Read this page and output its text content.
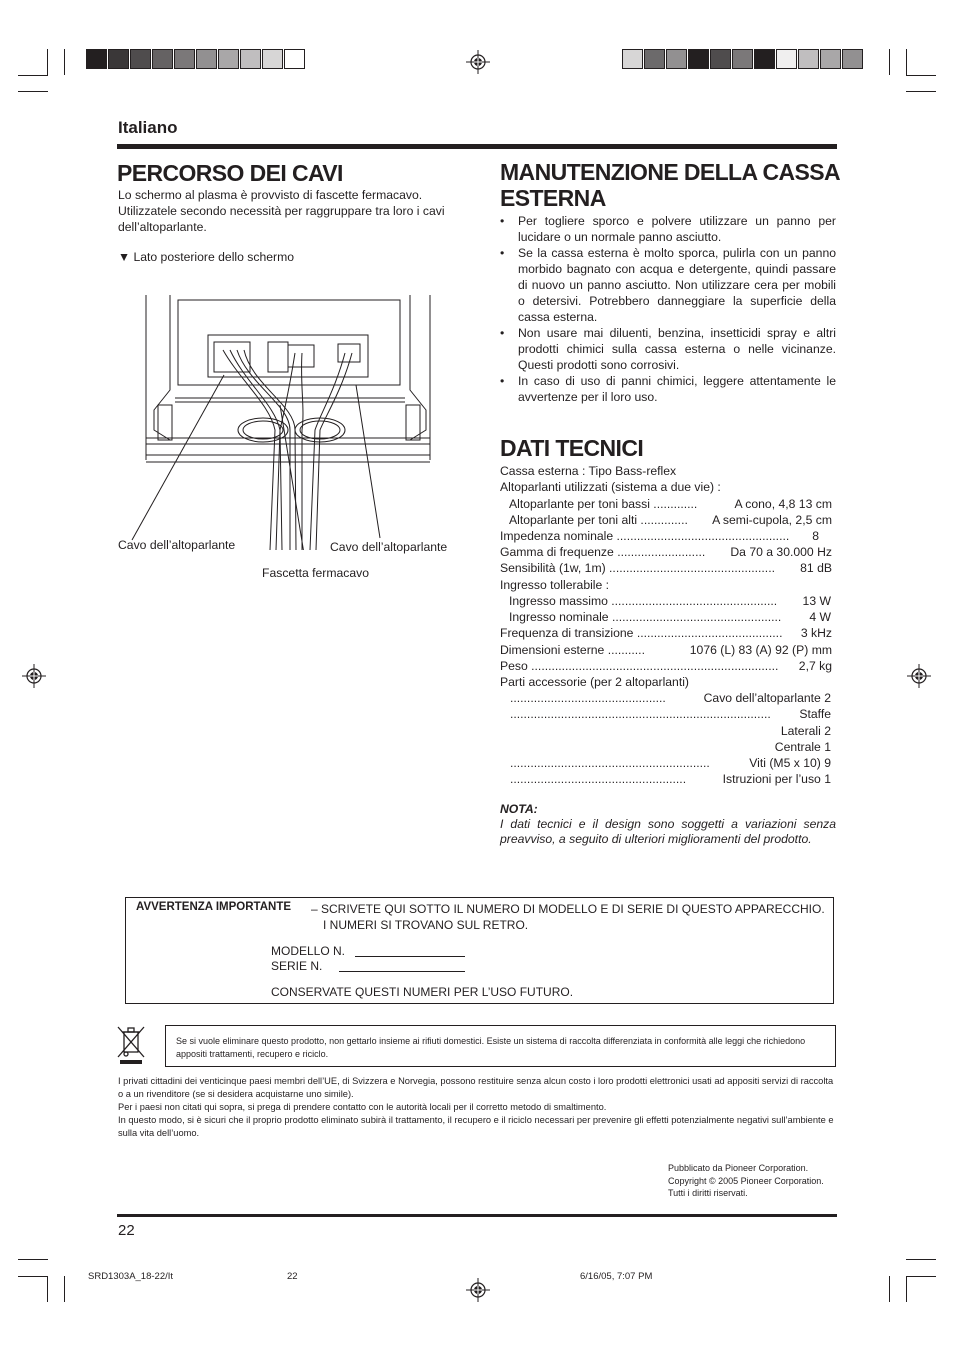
Italiano
PERCORSO DEI CAVI
Lo schermo al plasma è provvisto di fascette fermacavo. Utilizzatele secondo necessità per raggruppare tra loro i cavi dell’altoparlante.
▼ Lato posteriore dello schermo
Cavo dell’altoparlante	Cavo dell’altoparlante
Fascetta fermacavo
MANUTENZIONE DELLA CASSA
ESTERNA
• Per togliere sporco e polvere utilizzare un panno per lucidare o un normale panno asciutto.
• Se la cassa esterna è molto sporca, pulirla con un panno morbido bagnato con acqua e detergente, quindi passare di nuovo un panno asciutto. Non utilizzare cera per mobili o detersivi. Potrebbero danneggiare la superficie della cassa esterna.
• Non usare mai diluenti, benzina, insetticidi spray e altri prodotti chimici sulla cassa esterna o nelle vicinanze. Questi prodotti sono corrosivi.
• In caso di uso di panni chimici, leggere attentamente le avvertenze per il loro uso.
DATI TECNICI
Cassa esterna : Tipo Bass-reflex
Altoparlanti utilizzati (sistema a due vie) :
Altoparlante per toni bassi .............	A cono, 4,8 13 cm
Altoparlante per toni alti .............. A semi-cupola, 2,5 cm
Impedenza nominale ................................................... 8
Gamma di frequenze .......................... Da 70 a 30.000 Hz
Sensibilità (1w, 1m) ................................................. 81 dB
Ingresso tollerabile :
Ingresso massimo ................................................. 13 W
Ingresso nominale .................................................. 4 W
Frequenza di transizione ........................................... 3 kHz
Dimensioni esterne ...........	1076 (L) 83 (A) 92 (P) mm
Peso ......................................................................... 2,7 kg
Parti accessorie (per 2 altoparlanti)
..............................................	Cavo dell’altoparlante 2
............................................................................. Staffe
Laterali 2
Centrale 1
...........................................................	Viti (M5 x 10) 9
....................................................	Istruzioni per l’uso 1
NOTA:
I dati tecnici e il design sono soggetti a variazioni senza preavviso, a seguito di ulteriori miglioramenti del prodotto.
AVVERTENZA IMPORTANTE – SCRIVETE QUI SOTTO IL NUMERO DI MODELLO E DI SERIE DI QUESTO APPARECCHIO.
I NUMERI SI TROVANO SUL RETRO.
MODELLO N.
SERIE N.
CONSERVATE QUESTI NUMERI PER L’USO FUTURO.
Se si vuole eliminare questo prodotto, non gettarlo insieme ai rifiuti domestici. Esiste un sistema di raccolta differenziata in conformità alle leggi che richiedono appositi trattamenti, recupero e riciclo.
I privati cittadini dei venticinque paesi membri dell’UE, di Svizzera e Norvegia, possono restituire senza alcun costo i loro prodotti elettronici usati ad appositi servizi di raccolta o a un rivenditore (se si desidera acquistarne uno simile).
Per i paesi non citati qui sopra, si prega di prendere contatto con le autorità locali per il corretto metodo di smaltimento.
In questo modo, si è sicuri che il proprio prodotto eliminato subirà il trattamento, il recupero e il riciclo necessari per prevenire gli effetti potenzialmente negativi sull’ambiente e sulla vita dell’uomo.
Pubblicato da Pioneer Corporation.
Copyright © 2005 Pioneer Corporation.
Tutti i diritti riservati.
22
SRD1303A_18-22/It	22	6/16/05, 7:07 PM
